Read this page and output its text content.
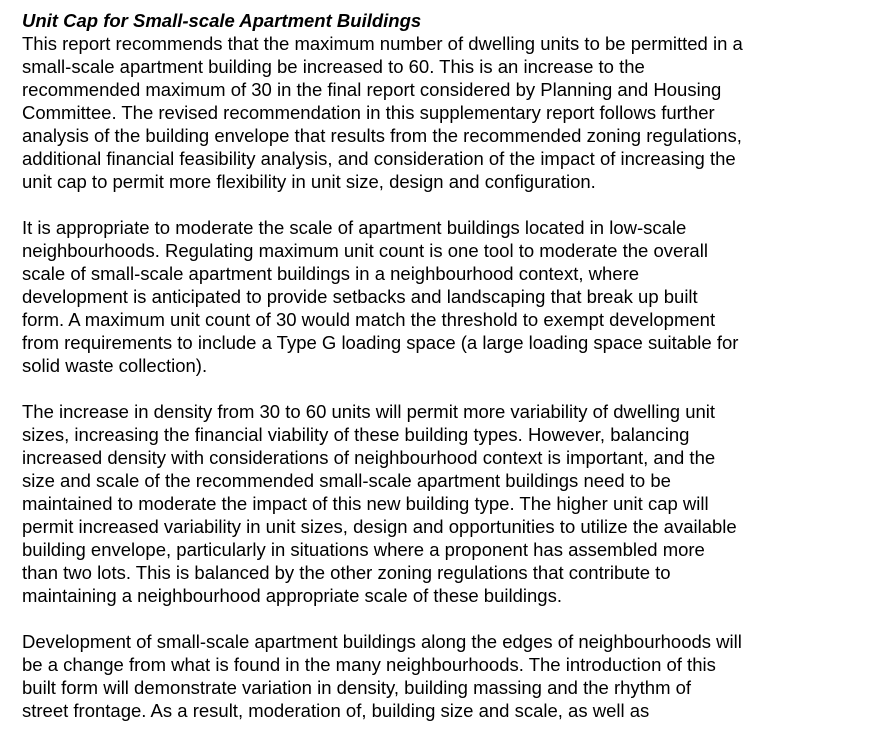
Unit Cap for Small-scale Apartment Buildings
This report recommends that the maximum number of dwelling units to be permitted in a
small-scale apartment building be increased to 60. This is an increase to the
recommended maximum of 30 in the final report considered by Planning and Housing
Committee. The revised recommendation in this supplementary report follows further
analysis of the building envelope that results from the recommended zoning regulations,
additional financial feasibility analysis, and consideration of the impact of increasing the
unit cap to permit more flexibility in unit size, design and configuration.
It is appropriate to moderate the scale of apartment buildings located in low-scale
neighbourhoods. Regulating maximum unit count is one tool to moderate the overall
scale of small-scale apartment buildings in a neighbourhood context, where
development is anticipated to provide setbacks and landscaping that break up built
form. A maximum unit count of 30 would match the threshold to exempt development
from requirements to include a Type G loading space (a large loading space suitable for
solid waste collection).
The increase in density from 30 to 60 units will permit more variability of dwelling unit
sizes, increasing the financial viability of these building types. However, balancing
increased density with considerations of neighbourhood context is important, and the
size and scale of the recommended small-scale apartment buildings need to be
maintained to moderate the impact of this new building type. The higher unit cap will
permit increased variability in unit sizes, design and opportunities to utilize the available
building envelope, particularly in situations where a proponent has assembled more
than two lots. This is balanced by the other zoning regulations that contribute to
maintaining a neighbourhood appropriate scale of these buildings.
Development of small-scale apartment buildings along the edges of neighbourhoods will
be a change from what is found in the many neighbourhoods. The introduction of this
built form will demonstrate variation in density, building massing and the rhythm of
street frontage. As a result, moderation of, building size and scale, as well as
